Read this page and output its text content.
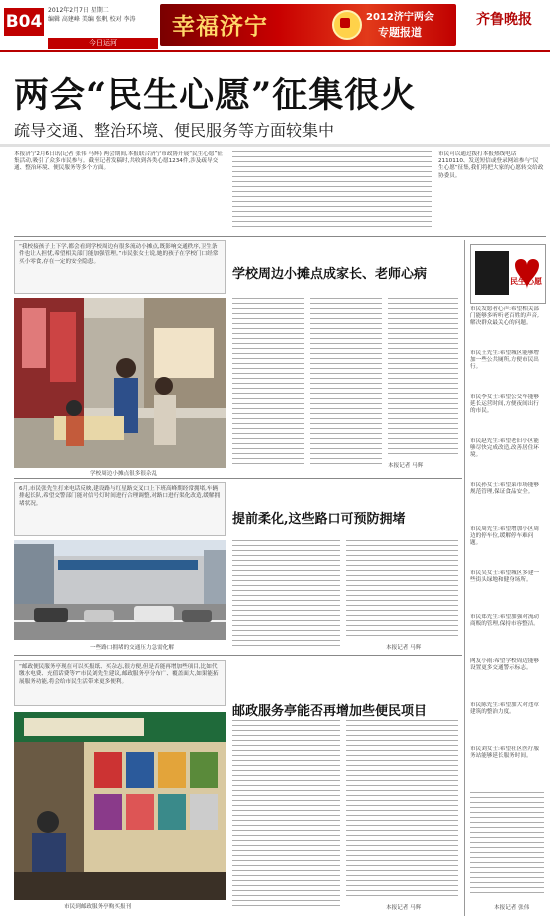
B04
2012年2月7日 星期二
编辑 高建峰 美编 张帆 校对 李涛
今日运河
幸福济宁	2012济宁两会
专题报道
齐鲁晚报
两会“民生心愿”征集很火
疏导交通、整治环境、便民服务等方面较集中
本报济宁2月6日讯(记者 张伟 马辉) 两会期间,本报联合济宁市政协开展“民生心愿”征集活动,吸引了众多市民参与。截至记者发稿时,共收到各类心愿1234件,涉及疏导交通、整治环境、便民服务等多个方面。
市民可以通过拨打本报热线电话2110110、发送短信或登录网站参与“民生心愿”征集,我们将把大家的心愿转交给政协委员。
“我校接孩子上下学,都会看到学校周边有很多流动小摊点,既影响交通秩序,卫生条件也让人担忧,希望相关部门能加强管理。”市民张女士说,她的孩子在学校门口经常买小零食,存在一定的安全隐患。
学校周边小摊点成家长、老师心病
学校周边小摊点很多很杂乱
本报记者 马辉
6月,市民张先生打来电话反映,建设路与红星路交叉口上下班高峰期经常拥堵,车辆排起长队,希望交警部门能对信号灯时间进行合理调整,对路口进行渠化改造,缓解拥堵状况。
提前柔化,这些路口可预防拥堵
一些路口拥堵的交通压力急需化解	本报记者 马辉
“邮政便民服务亭现在可以买报纸、买杂志,很方便,但是否能再增加些项目,比如代缴水电费、充值话费等?”市民刘先生建议,邮政服务亭分布广、覆盖面大,如果能拓展服务功能,将会给市民生活带来更多便利。
邮政服务亭能否再增加些便民项目
市民到邮政服务亭购买报刊	本报记者 马辉
民生心愿
市民发愿者心声:希望相关部门能够多听听老百姓的声音,解决群众最关心的问题。
市民王先生:希望城区能够增加一些公共厕所,方便市民出行。
市民李女士:希望公交车能够延长运营时间,方便夜间出行的市民。
市民赵先生:希望老旧小区能够尽快完成改造,改善居住环境。
市民孙女士:希望菜市场能够规范管理,保证食品安全。
市民周先生:希望增加小区周边的停车位,缓解停车难问题。
市民吴女士:希望城区多建一些街头绿地和健身场所。
市民郑先生:希望加强对流动商贩的管理,保持市容整洁。
网友小雨:希望学校周边能够设置更多交通警示标志。
市民陈先生:希望加大对违章建筑的整治力度。
市民刘女士:希望社区医疗服务站能够延长服务时间。
本报记者 张伟
